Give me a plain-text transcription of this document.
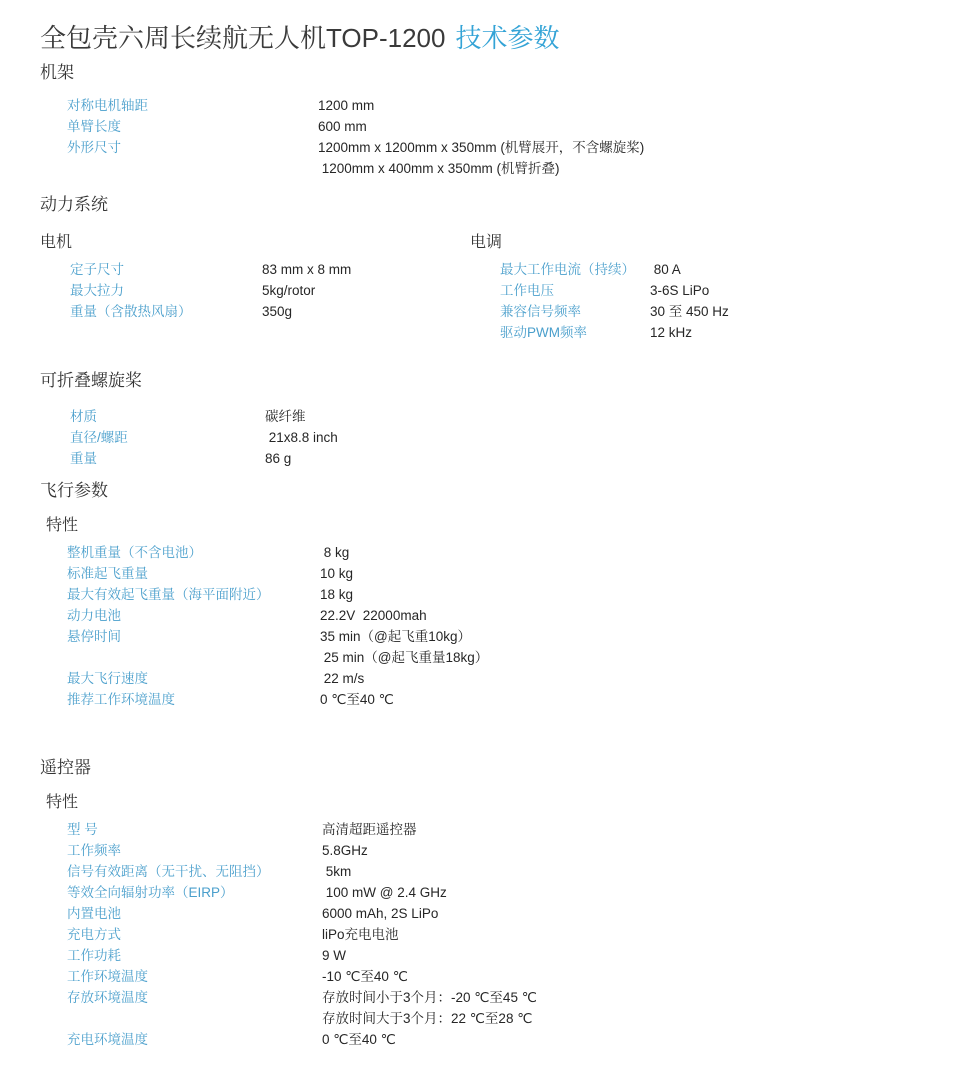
全包壳六周长续航无人机TOP-1200 技术参数
机架
对称电机轴距	1200 mm
单臂长度	600 mm
外形尺寸	1200mm x 1200mm x 350mm (机臂展开，不含螺旋桨)
1200mm x 400mm x 350mm (机臂折叠)
动力系统
电机
定子尺寸	83 mm x 8 mm
最大拉力	5kg/rotor
重量（含散热风扇）	350g
电调
最大工作电流（持续）	80 A
工作电压	3-6S LiPo
兼容信号频率	30 至 450 Hz
驱动PWM频率	12 kHz
可折叠螺旋桨
材质	碳纤维
直径/螺距	21x8.8 inch
重量	86 g
飞行参数
特性
整机重量（不含电池）	8 kg
标准起飞重量	10 kg
最大有效起飞重量（海平面附近）	18 kg
动力电池	22.2V  22000mah
悬停时间	35 min（@起飞重10kg）
25 min（@起飞重量18kg）
最大飞行速度	22 m/s
推荐工作环境温度	0 ℃至40 ℃
遥控器
特性
型 号	高清超距遥控器
工作频率	5.8GHz
信号有效距离（无干扰、无阻挡）	5km
等效全向辐射功率（EIRP）	100 mW @ 2.4 GHz
内置电池	6000 mAh, 2S LiPo
充电方式	liPo充电电池
工作功耗	9 W
工作环境温度	-10 ℃至40 ℃
存放环境温度	存放时间小于3个月：-20 ℃至45 ℃
存放时间大于3个月：22 ℃至28 ℃
充电环境温度	0 ℃至40 ℃
